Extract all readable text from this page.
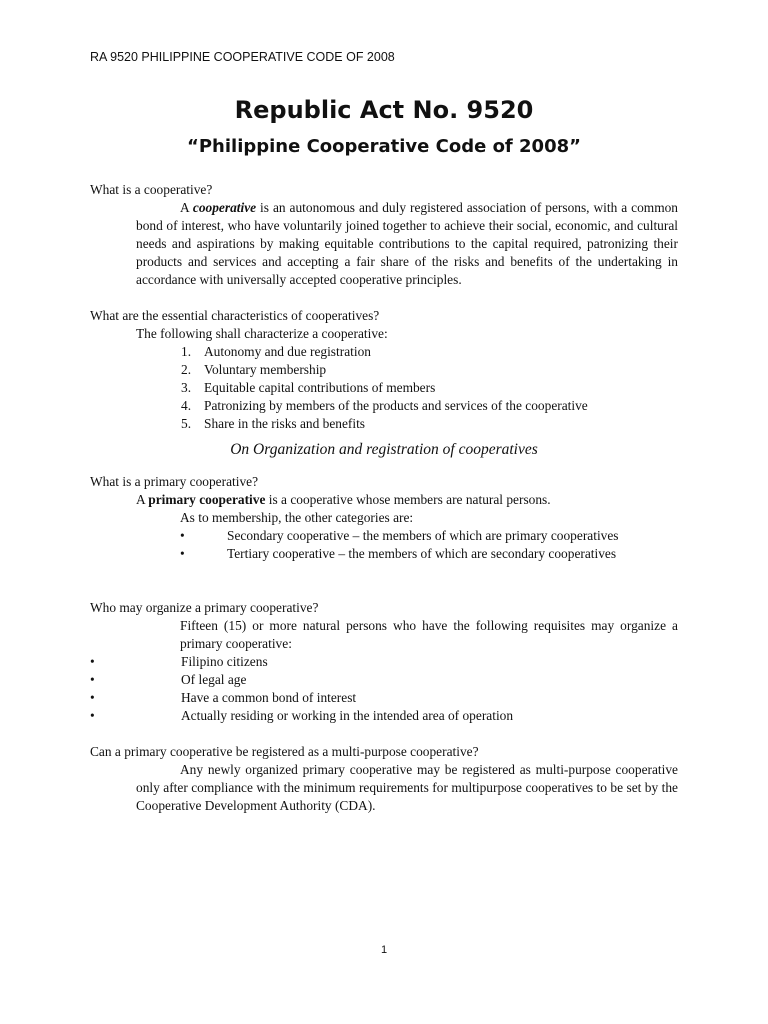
RA 9520 PHILIPPINE COOPERATIVE CODE OF 2008
Republic Act No. 9520
“Philippine Cooperative Code of 2008”

What is a cooperative?

A cooperative is an autonomous and duly registered association of persons, with a common bond of interest, who have voluntarily joined together to achieve their social, economic, and cultural needs and aspirations by making equitable contributions to the capital required, patronizing their products and services and accepting a fair share of the risks and benefits of the undertaking in accordance with universally accepted cooperative principles.

What are the essential characteristics of cooperatives?

The following shall characterize a cooperative:

1. Autonomy and due registration
2. Voluntary membership
3. Equitable capital contributions of members
4. Patronizing by members of the products and services of the cooperative
5. Share in the risks and benefits
On Organization and registration of cooperatives

What is a primary cooperative?

A primary cooperative is a cooperative whose members are natural persons.

As to membership, the other categories are:

•	Secondary cooperative – the members of which are primary cooperatives
•	Tertiary cooperative – the members of which are secondary cooperatives

Who may organize a primary cooperative?

Fifteen (15) or more natural persons who have the following requisites may organize a primary cooperative:

•	Filipino citizens
•	Of legal age
•	Have a common bond of interest
•	Actually residing or working in the intended area of operation

Can a primary cooperative be registered as a multi-purpose cooperative?

Any newly organized primary cooperative may be registered as multi-purpose cooperative only after compliance with the minimum requirements for multipurpose cooperatives to be set by the Cooperative Development Authority (CDA).

1
